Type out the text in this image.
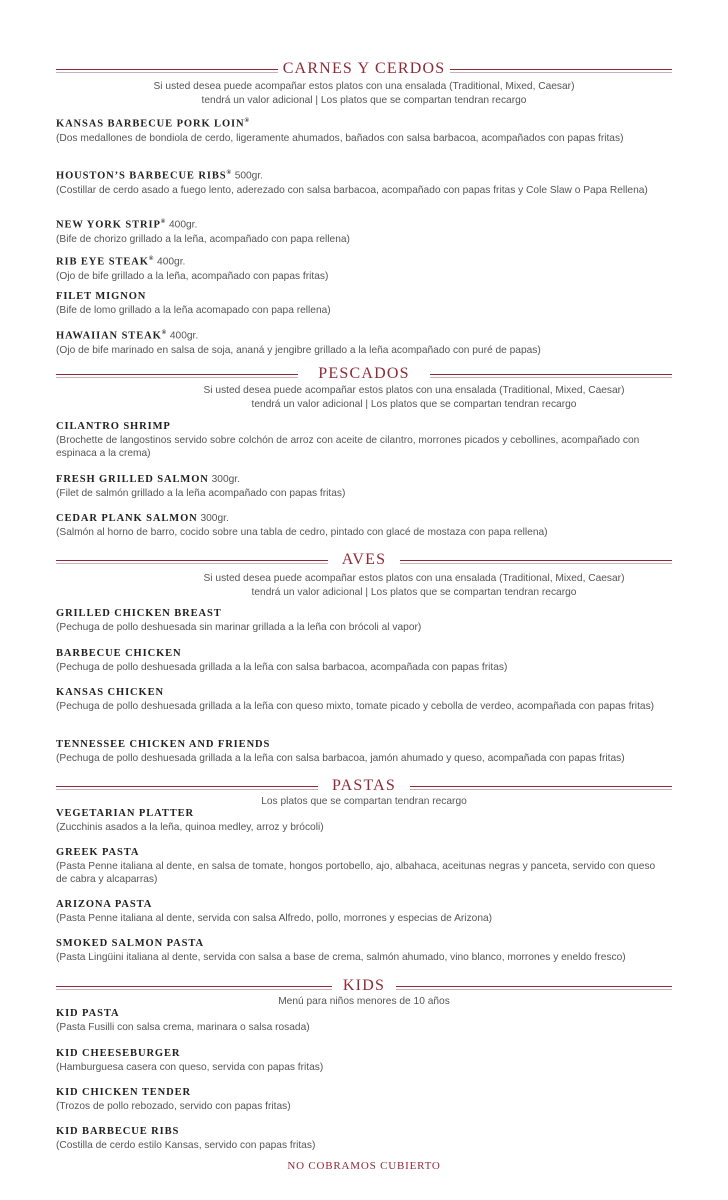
CARNES Y CERDOS
Si usted desea puede acompañar estos platos con una ensalada (Traditional, Mixed, Caesar)
tendrá un valor adicional | Los platos que se compartan tendran recargo
KANSAS BARBECUE PORK LOIN®
(Dos medallones de bondiola de cerdo, ligeramente ahumados, bañados con salsa barbacoa, acompañados con papas fritas)
HOUSTON’S BARBECUE RIBS® 500gr.
(Costillar de cerdo asado a fuego lento, aderezado con salsa barbacoa, acompañado con papas fritas y Cole Slaw o Papa Rellena)
NEW YORK STRIP® 400gr.
(Bife de chorizo grillado a la leña, acompañado con papa rellena)
RIB EYE STEAK® 400gr.
(Ojo de bife grillado a la leña, acompañado con papas fritas)
FILET MIGNON
(Bife de lomo grillado a la leña acomapado con papa rellena)
HAWAIIAN STEAK® 400gr.
(Ojo de bife marinado en salsa de soja, ananá y jengibre grillado a la leña acompañado con puré de papas)
PESCADOS
Si usted desea puede acompañar estos platos con una ensalada (Traditional, Mixed, Caesar)
tendrá un valor adicional | Los platos que se compartan tendran recargo
CILANTRO SHRIMP
(Brochette de langostinos servido sobre colchón de arroz con aceite de cilantro, morrones picados y cebollines, acompañado con espinaca a la crema)
FRESH GRILLED SALMON 300gr.
(Filet de salmón grillado a la leña acompañado con papas fritas)
CEDAR PLANK SALMON 300gr.
(Salmón al horno de barro, cocido sobre una tabla de cedro, pintado con glacé de mostaza con papa rellena)
AVES
Si usted desea puede acompañar estos platos con una ensalada (Traditional, Mixed, Caesar)
tendrá un valor adicional | Los platos que se compartan tendran recargo
GRILLED CHICKEN BREAST
(Pechuga de pollo deshuesada sin marinar grillada a la leña con brócoli al vapor)
BARBECUE CHICKEN
(Pechuga de pollo deshuesada grillada a la leña con salsa barbacoa, acompañada con papas fritas)
KANSAS CHICKEN
(Pechuga de pollo deshuesada grillada a la leña con queso mixto, tomate picado y cebolla de verdeo, acompañada con papas fritas)
TENNESSEE CHICKEN AND FRIENDS
(Pechuga de pollo deshuesada grillada a la leña con salsa barbacoa, jamón ahumado y queso, acompañada con papas fritas)
PASTAS
Los platos que se compartan tendran recargo
VEGETARIAN PLATTER
(Zucchinis asados a la leña, quinoa medley, arroz y brócoli)
GREEK PASTA
(Pasta Penne italiana al dente, en salsa de tomate, hongos portobello, ajo, albahaca, aceitunas negras y panceta, servido con queso de cabra y alcaparras)
ARIZONA PASTA
(Pasta Penne italiana al dente, servida con salsa Alfredo, pollo, morrones y especias de Arizona)
SMOKED SALMON PASTA
(Pasta Lingüini italiana al dente, servida con salsa a base de crema, salmón ahumado, vino blanco, morrones y eneldo fresco)
KIDS
Menú para niños menores de 10 años
KID PASTA
(Pasta Fusilli con salsa crema, marinara o salsa rosada)
KID CHEESEBURGER
(Hamburguesa casera con queso, servida con papas fritas)
KID CHICKEN TENDER
(Trozos de pollo rebozado, servido con papas fritas)
KID BARBECUE RIBS
(Costilla de cerdo estilo Kansas, servido con papas fritas)
NO COBRAMOS CUBIERTO
